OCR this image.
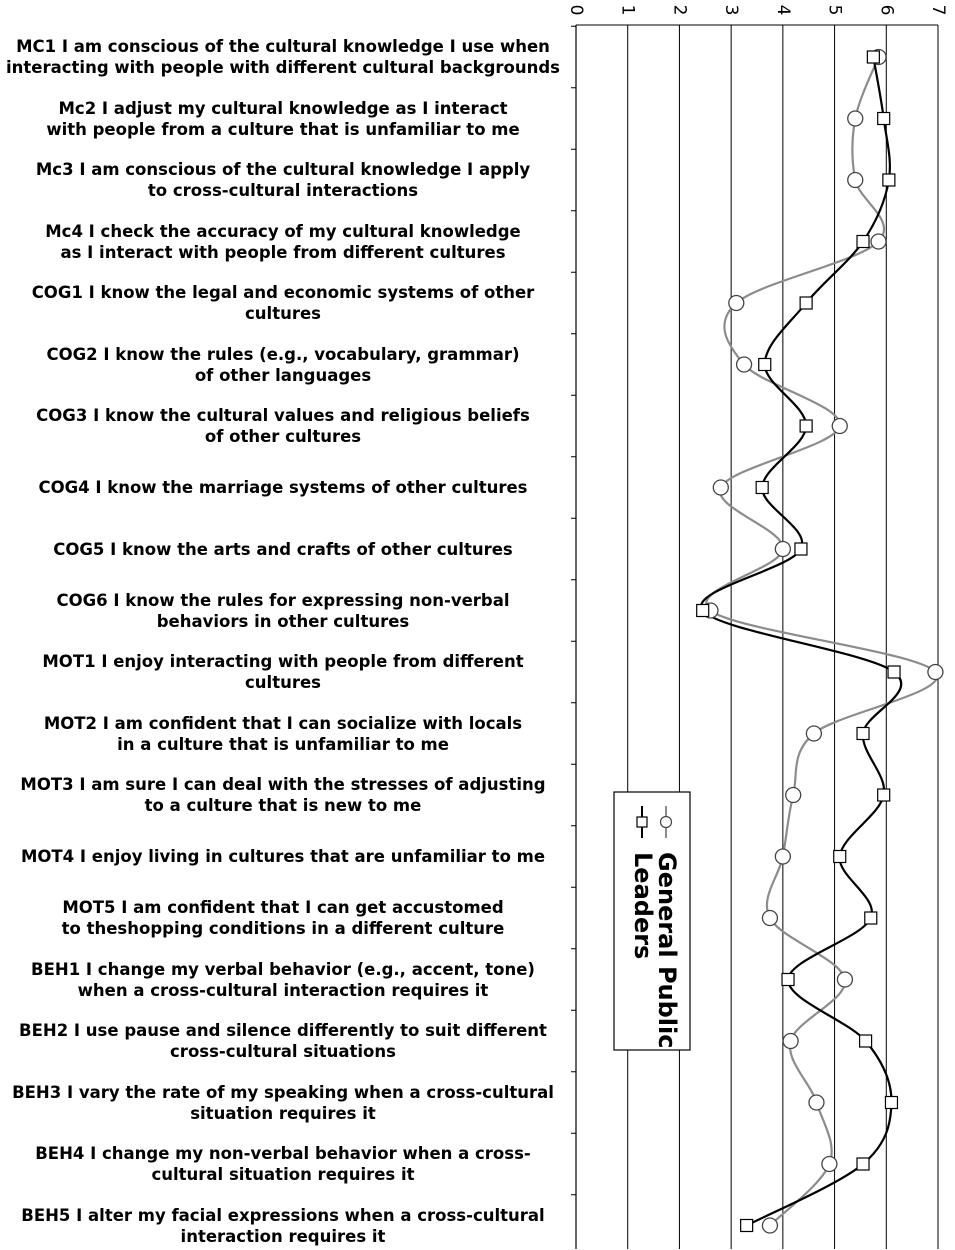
MC1 I am conscious of the cultural knowledge I use when
interacting with people with different cultural backgrounds
Mc2 I adjust my cultural knowledge as I interact
with people from a culture that is unfamiliar to me
Mc3 I am conscious of the cultural knowledge I apply
to cross-cultural interactions
Mc4 I check the accuracy of my cultural knowledge
as I interact with people from different cultures
COG1 I know the legal and economic systems of other
cultures
COG2 I know the rules (e.g., vocabulary, grammar)
of other languages
COG3 I know the cultural values and religious beliefs
of other cultures
COG4 I know the marriage systems of other cultures
COG5 I know the arts and crafts of other cultures
COG6 I know the rules for expressing non-verbal
behaviors in other cultures
MOT1 I enjoy interacting with people from different
cultures
MOT2 I am confident that I can socialize with locals
in a culture that is unfamiliar to me
MOT3 I am sure I can deal with the stresses of adjusting
to a culture that is new to me
MOT4 I enjoy living in cultures that are unfamiliar to me
MOT5 I am confident that I can get accustomed
to theshopping conditions in a different culture
BEH1 I change my verbal behavior (e.g., accent, tone)
when a cross-cultural interaction requires it
BEH2 I use pause and silence differently to suit different
cross-cultural situations
BEH3 I vary the rate of my speaking when a cross-cultural
situation requires it
BEH4 I change my non-verbal behavior when a cross-
cultural situation requires it
BEH5 I alter my facial expressions when a cross-cultural
interaction requires it
0 1 2 3 4 5 6 7
General Public
Leaders
